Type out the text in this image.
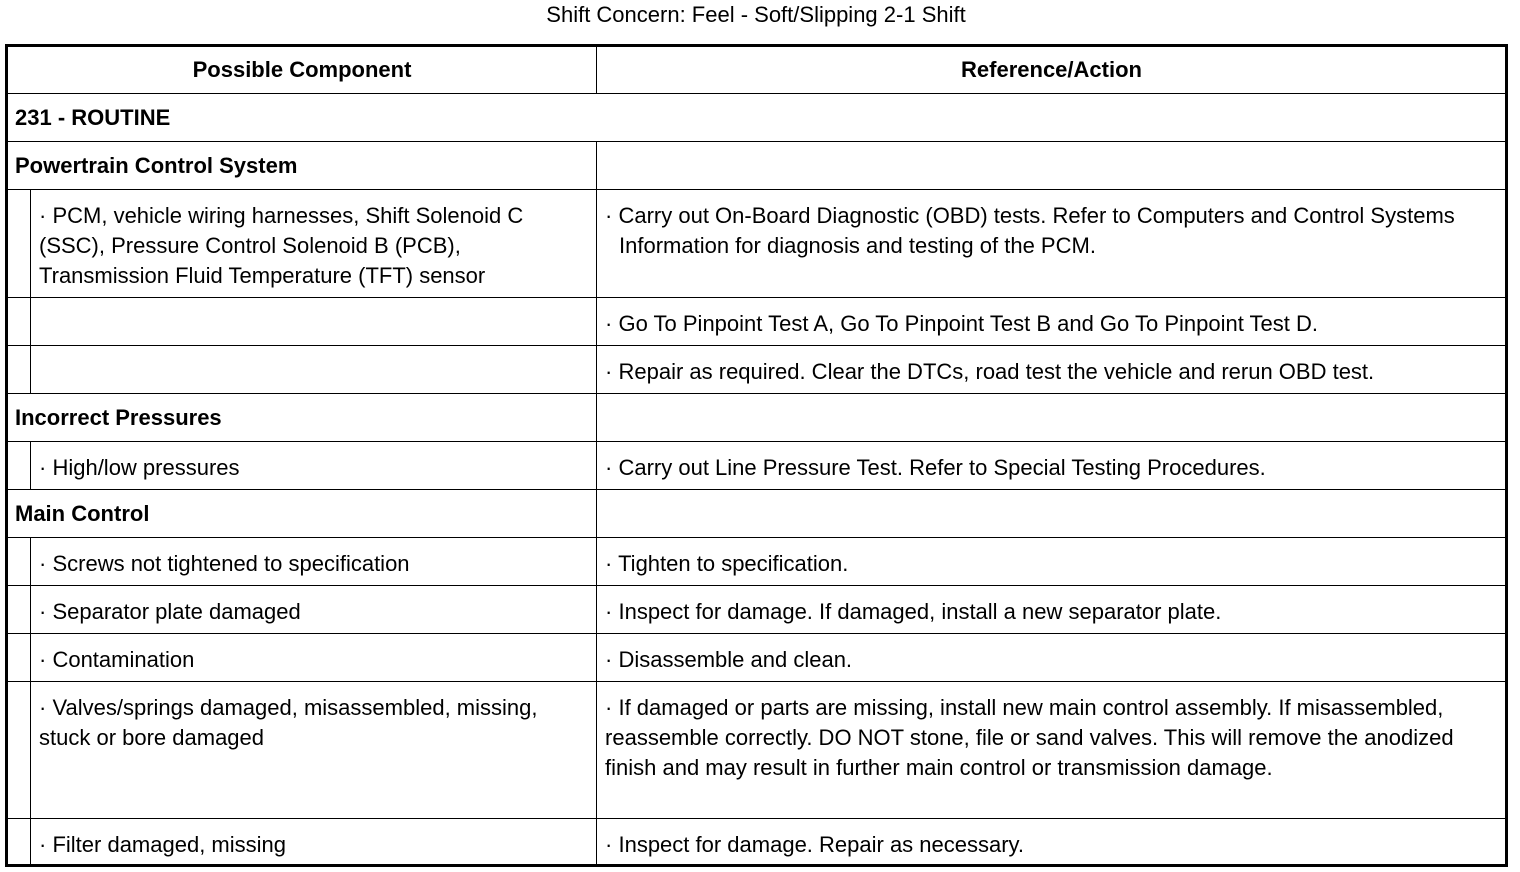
Shift Concern: Feel - Soft/Slipping 2-1 Shift
Possible Component		Reference/Action
231 - ROUTINE		
Powertrain Control System		
	· PCM, vehicle wiring harnesses, Shift Solenoid C (SSC), Pressure Control Solenoid B (PCB), Transmission Fluid Temperature (TFT) sensor	· Carry out On-Board Diagnostic (OBD) tests. Refer to Computers and Control Systems Information for diagnosis and testing of the PCM.

		· Go To Pinpoint Test A, Go To Pinpoint Test B and Go To Pinpoint Test D.
		· Repair as required. Clear the DTCs, road test the vehicle and rerun OBD test.
Incorrect Pressures		
	· High/low pressures	· Carry out Line Pressure Test. Refer to Special Testing Procedures.
Main Control		
	· Screws not tightened to specification	· Tighten to specification.
	· Separator plate damaged	· Inspect for damage. If damaged, install a new separator plate.
	· Contamination	· Disassemble and clean.
	· Valves/springs damaged, misassembled, missing, stuck or bore damaged	· If damaged or parts are missing, install new main control assembly. If misassembled, reassemble correctly. DO NOT stone, file or sand valves. This will remove the anodized finish and may result in further main control or transmission damage.
	· Filter damaged, missing	· Inspect for damage. Repair as necessary.
